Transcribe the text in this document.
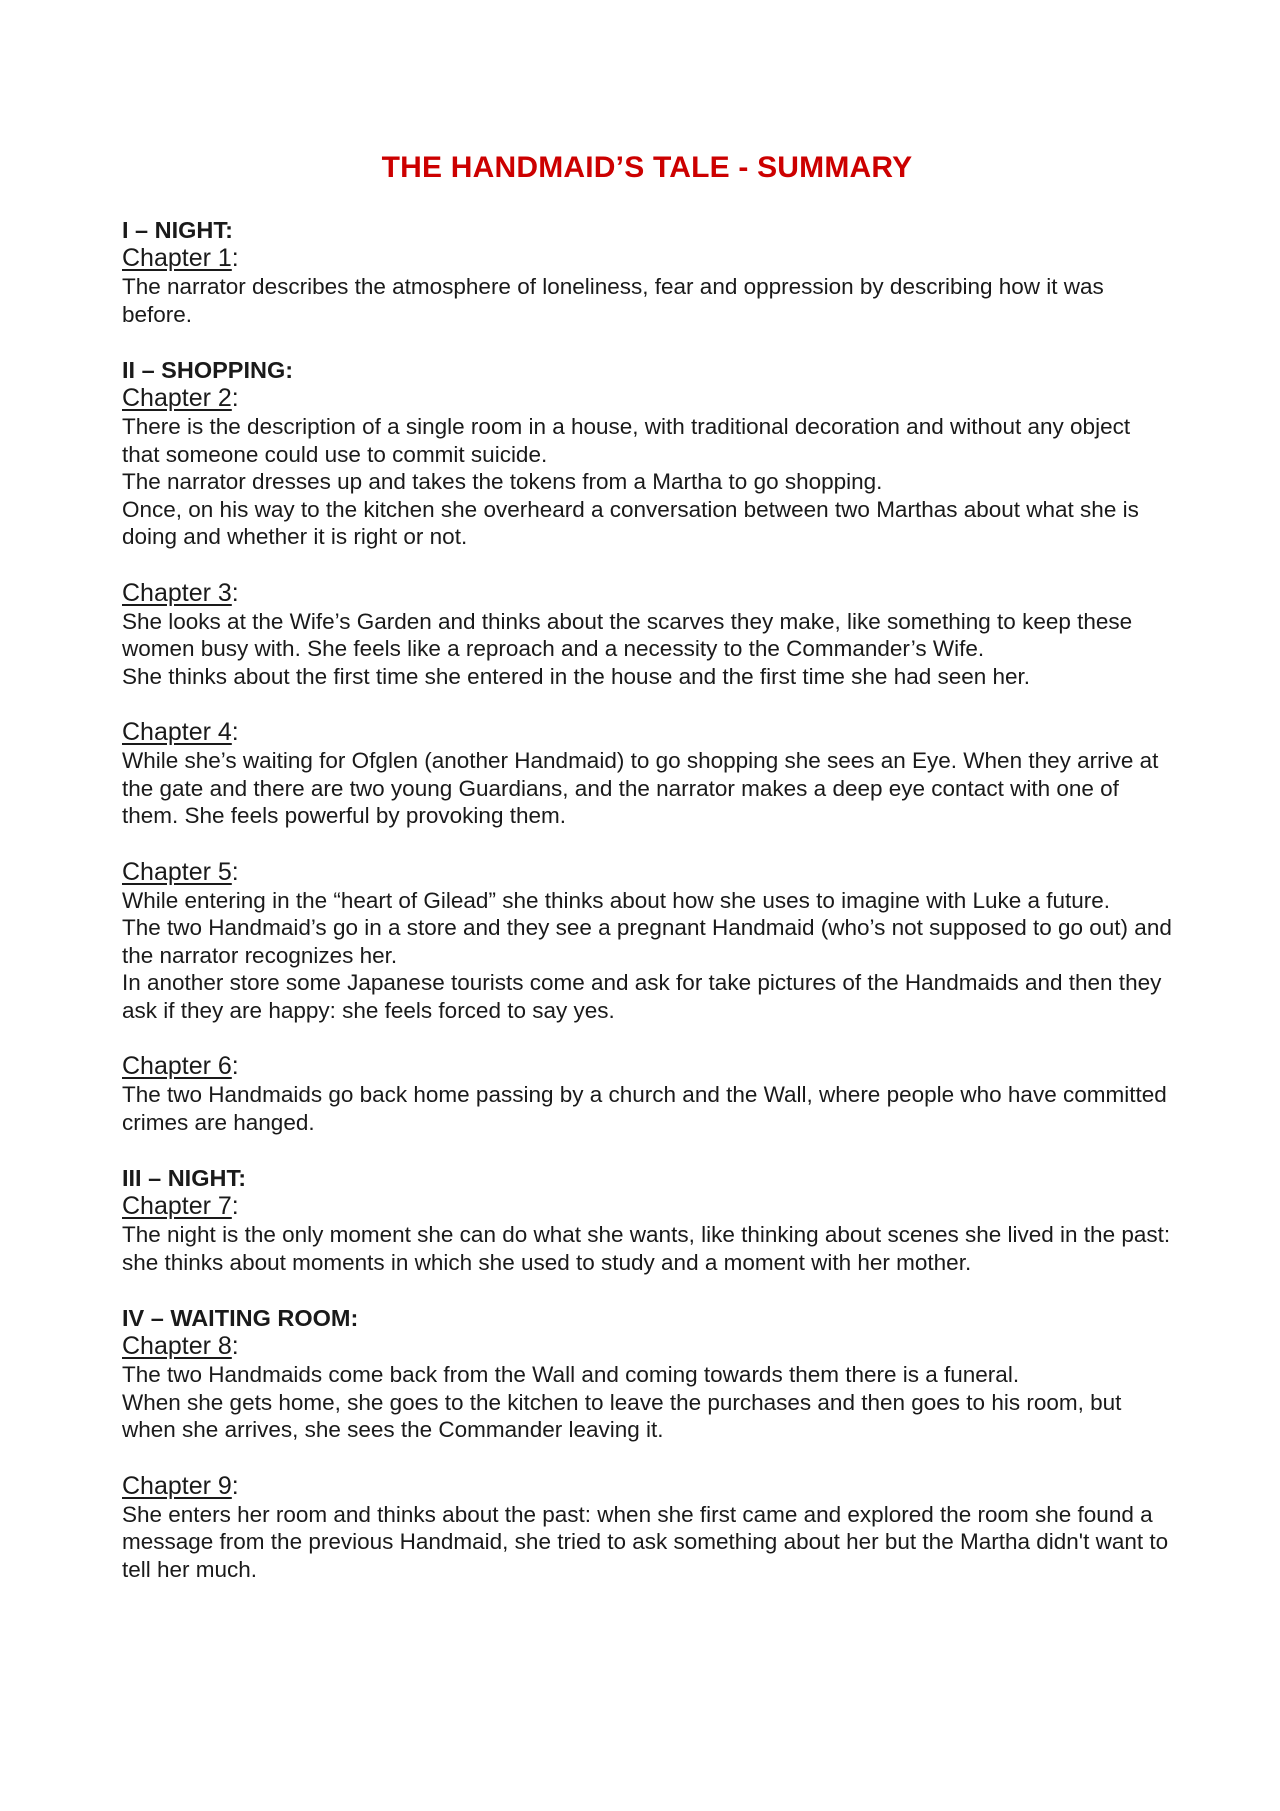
THE HANDMAID’S TALE - SUMMARY
I – NIGHT:
Chapter 1:

The narrator describes the atmosphere of loneliness, fear and oppression by describing how it was before.

II – SHOPPING:
Chapter 2:

There is the description of a single room in a house, with traditional decoration and without any object that someone could use to commit suicide.

The narrator dresses up and takes the tokens from a Martha to go shopping.

Once, on his way to the kitchen she overheard a conversation between two Marthas about what she is doing and whether it is right or not.

Chapter 3:

She looks at the Wife’s Garden and thinks about the scarves they make, like something to keep these women busy with. She feels like a reproach and a necessity to the Commander’s Wife.

She thinks about the first time she entered in the house and the first time she had seen her.

Chapter 4:

While she’s waiting for Ofglen (another Handmaid) to go shopping she sees an Eye. When they arrive at the gate and there are two young Guardians, and the narrator makes a deep eye contact with one of them. She feels powerful by provoking them.

Chapter 5:

While entering in the “heart of Gilead” she thinks about how she uses to imagine with Luke a future.

The two Handmaid’s go in a store and they see a pregnant Handmaid (who’s not supposed to go out) and the narrator recognizes her.

In another store some Japanese tourists come and ask for take pictures of the Handmaids and then they ask if they are happy: she feels forced to say yes.

Chapter 6:

The two Handmaids go back home passing by a church and the Wall, where people who have committed crimes are hanged.

III – NIGHT:
Chapter 7:

The night is the only moment she can do what she wants, like thinking about scenes she lived in the past: she thinks about moments in which she used to study and a moment with her mother.

IV – WAITING ROOM:
Chapter 8:

The two Handmaids come back from the Wall and coming towards them there is a funeral.

When she gets home, she goes to the kitchen to leave the purchases and then goes to his room, but when she arrives, she sees the Commander leaving it.

Chapter 9:

She enters her room and thinks about the past: when she first came and explored the room she found a message from the previous Handmaid, she tried to ask something about her but the Martha didn't want to tell her much.
